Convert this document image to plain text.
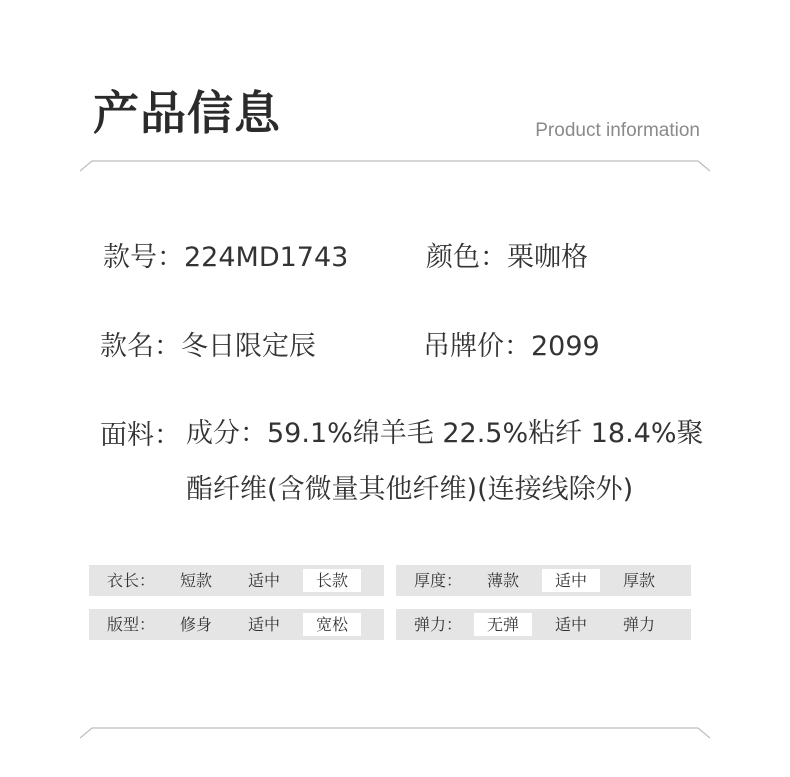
产品信息	Product information
款号：224MD1743	颜色：栗咖格
款名：冬日限定辰	吊牌价：2099
面料： 成分：59.1%绵羊毛 22.5%粘纤 18.4%聚酯纤维(含微量其他纤维)(连接线除外)
衣长：	短款	适中	长款	厚度：	薄款	适中	厚款
版型：	修身	适中	宽松	弹力：	无弹	适中	弹力
